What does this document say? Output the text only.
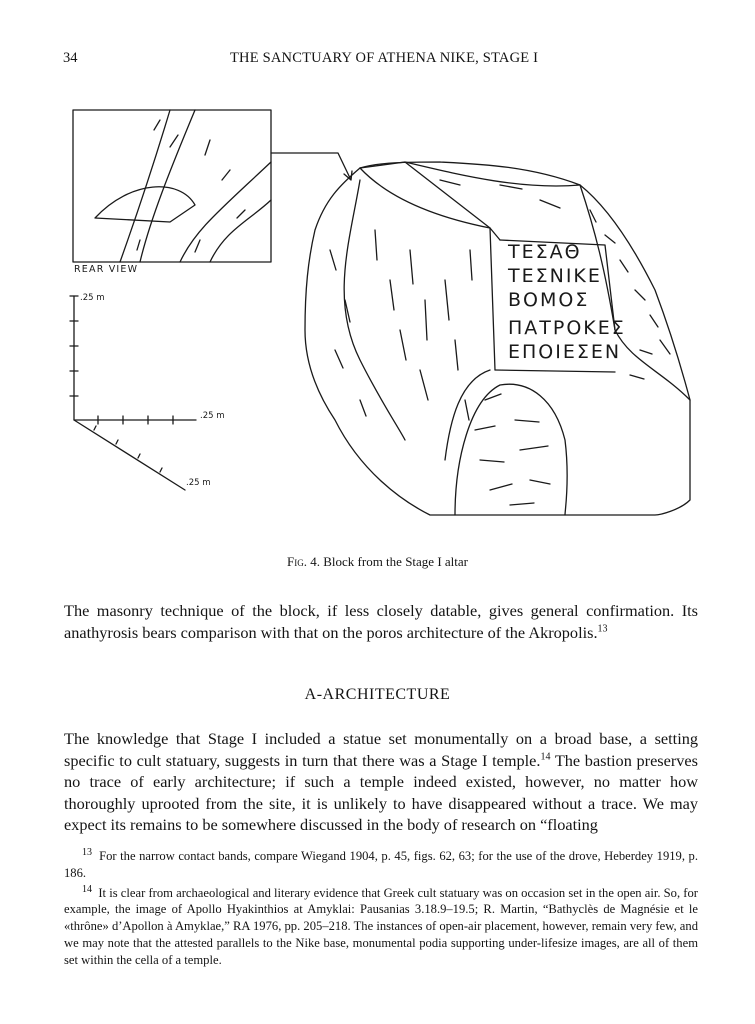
34	THE SANCTUARY OF ATHENA NIKE, STAGE I
REAR VIEW
.25 m
.25 m
.25 m
ΤΕΣΑΘ
ΤΕΣΝΙΚΕ
ΒΟΜΟΣ
ΠΑΤΡΟΚΕΣ
ΕΠΟΙΕΣΕΝ
Fig. 4. Block from the Stage I altar

The masonry technique of the block, if less closely datable, gives general confirmation. Its anathyrosis bears comparison with that on the poros architecture of the Akropolis.$^{13}$

A-ARCHITECTURE

The knowledge that Stage I included a statue set monumentally on a broad base, a setting specific to cult statuary, suggests in turn that there was a Stage I temple.$^{14}$ The bastion preserves no trace of early architecture; if such a temple indeed existed, however, no matter how thoroughly uprooted from the site, it is unlikely to have disappeared without a trace. We may expect its remains to be somewhere discussed in the body of research on “floating

$^{13}$ For the narrow contact bands, compare Wiegand 1904, p. 45, figs. 62, 63; for the use of the drove, Heberdey 1919, p. 186.

$^{14}$ It is clear from archaeological and literary evidence that Greek cult statuary was on occasion set in the open air. So, for example, the image of Apollo Hyakinthios at Amyklai: Pausanias 3.18.9–19.5; R. Martin, “Bathyclès de Magnésie et le «thrône» d’Apollon à Amyklae,” RA 1976, pp. 205–218. The instances of open-air placement, however, remain very few, and we may note that the attested parallels to the Nike base, monumental podia supporting under-lifesize images, are all of them set within the cella of a temple.
